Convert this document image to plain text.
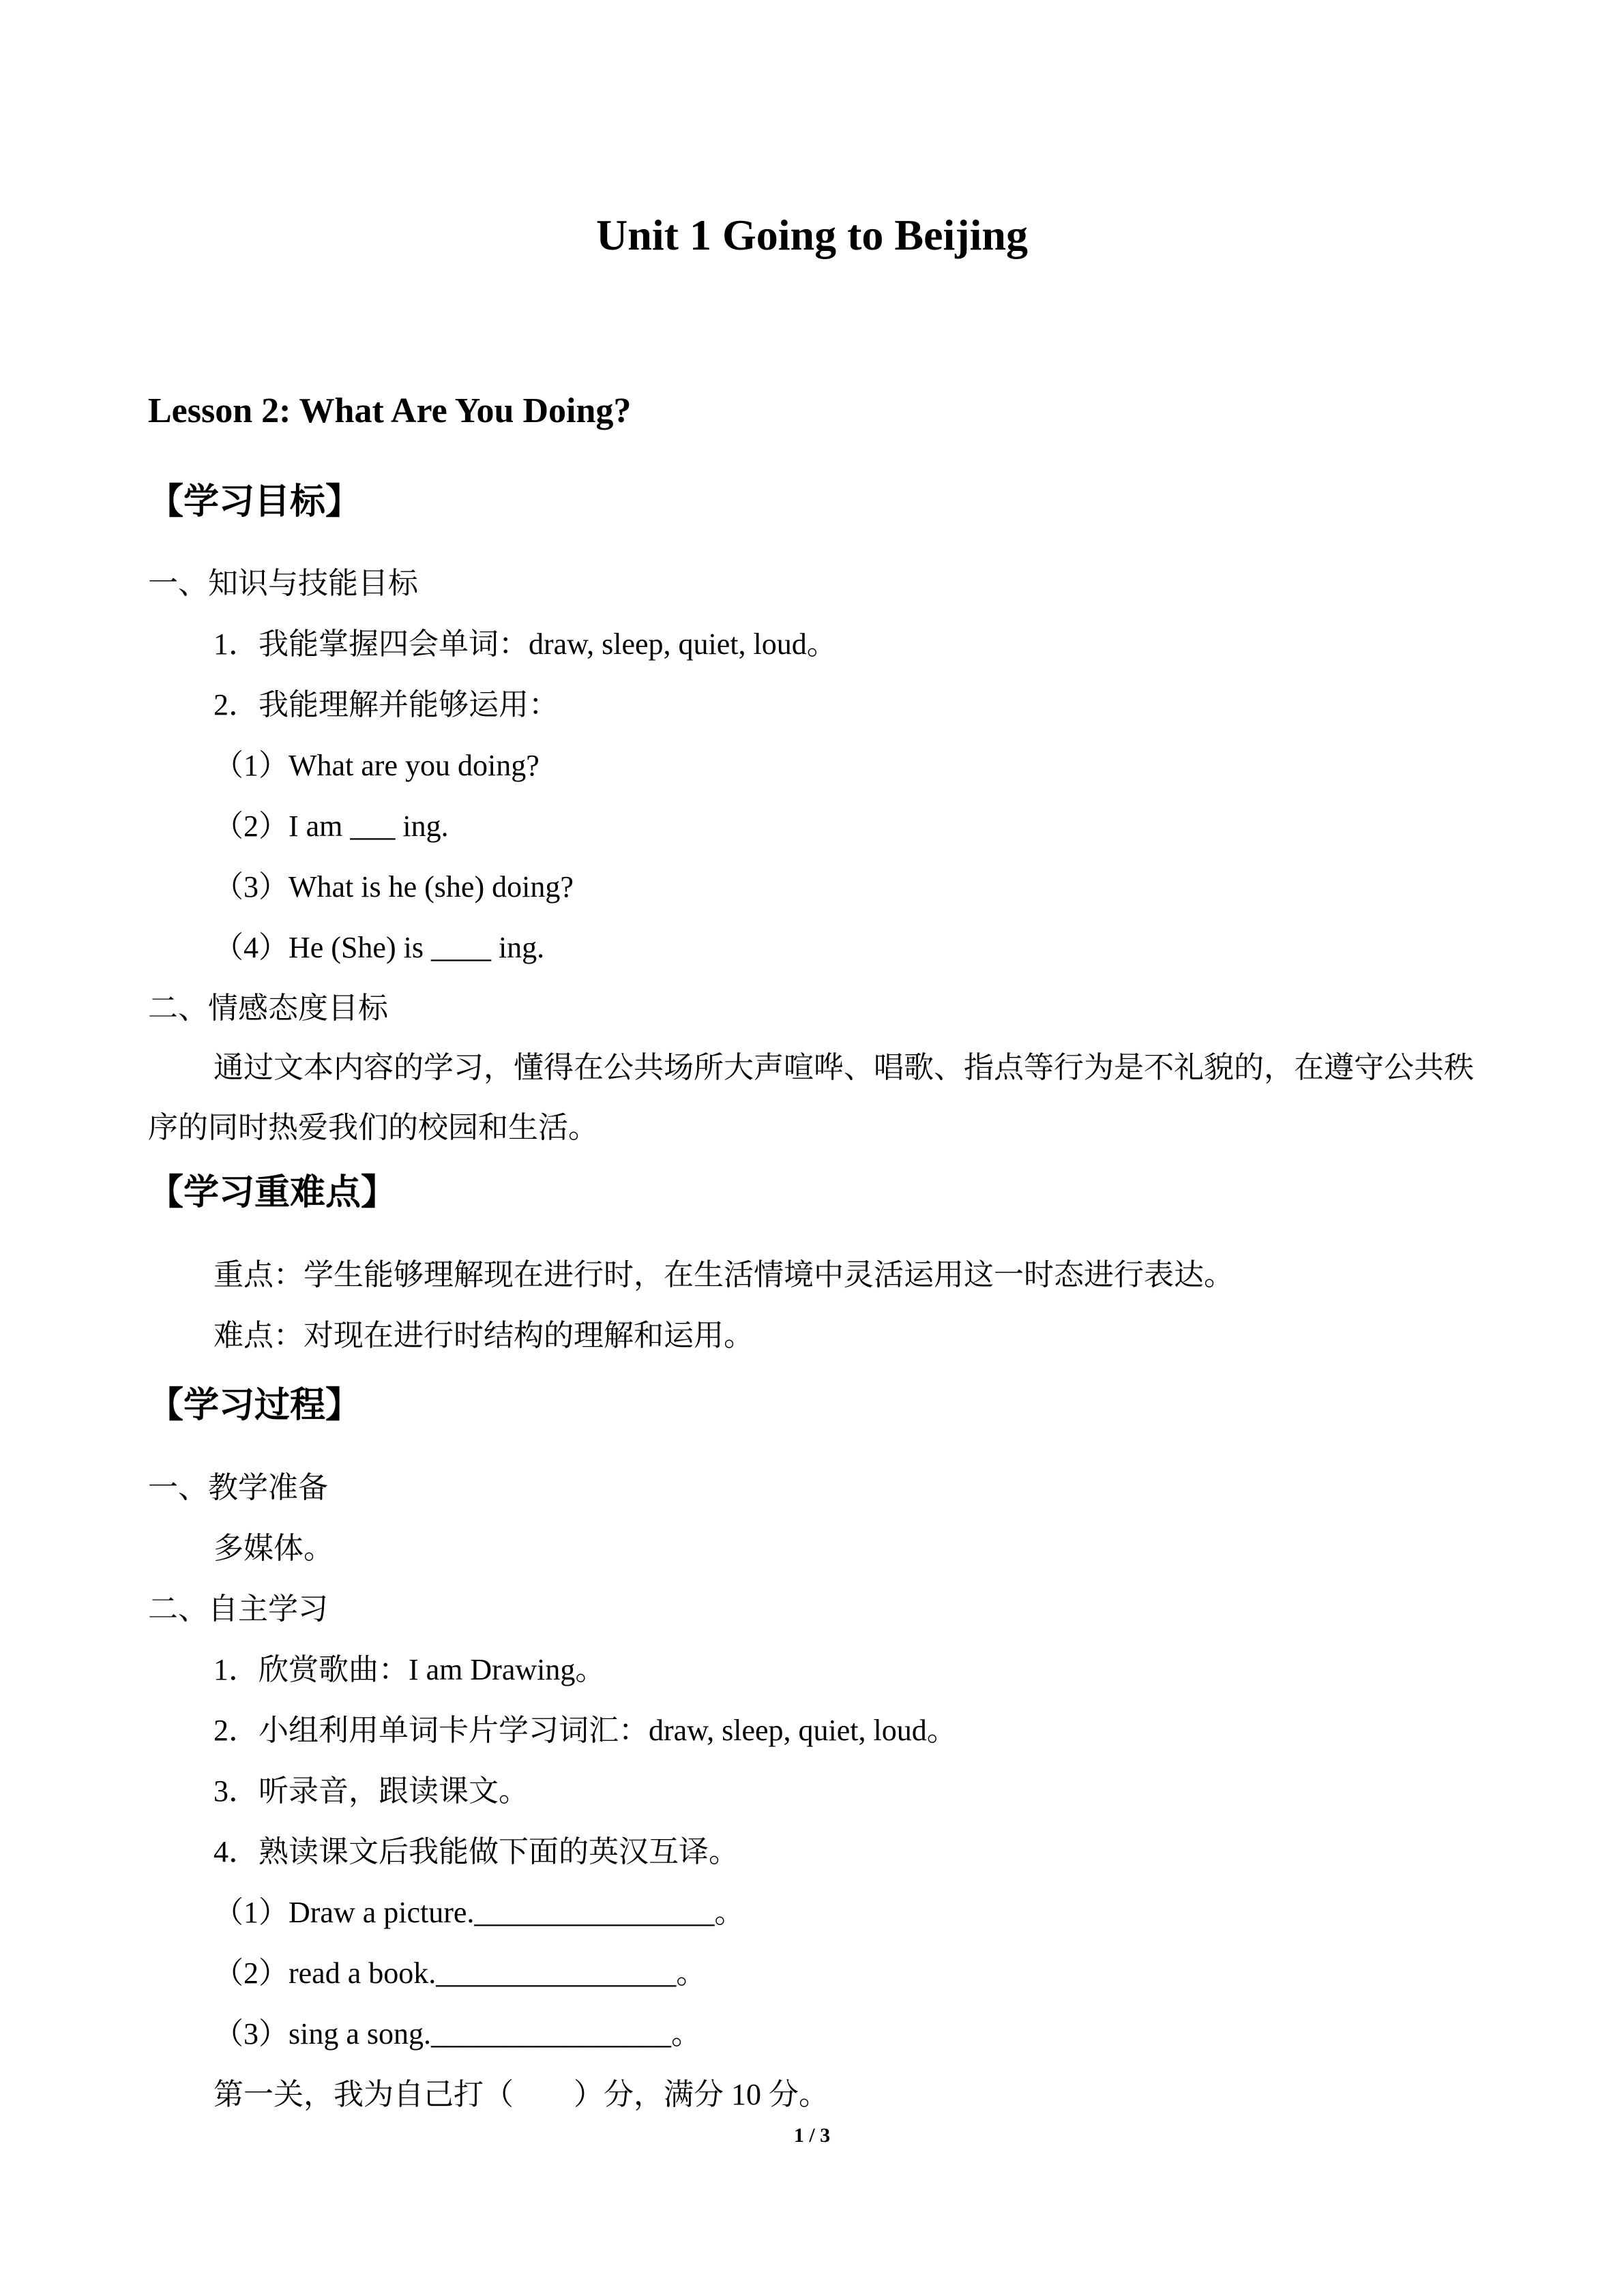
Unit 1 Going to Beijing
Lesson 2: What Are You Doing?
【学习目标】
一、知识与技能目标
1．我能掌握四会单词：draw, sleep, quiet, loud。
2．我能理解并能够运用：
（1）What are you doing?
（2）I am ___ ing.
（3）What is he (she) doing?
（4）He (She) is ____ ing.
二、情感态度目标
通过文本内容的学习，懂得在公共场所大声喧哗、唱歌、指点等行为是不礼貌的，在遵守公共秩序的同时热爱我们的校园和生活。
【学习重难点】
重点：学生能够理解现在进行时，在生活情境中灵活运用这一时态进行表达。
难点：对现在进行时结构的理解和运用。
【学习过程】
一、教学准备
多媒体。
二、自主学习
1．欣赏歌曲：I am Drawing。
2．小组利用单词卡片学习词汇：draw, sleep, quiet, loud。
3．听录音，跟读课文。
4．熟读课文后我能做下面的英汉互译。
（1）Draw a picture.________________。
（2）read a book.________________。
（3）sing a song.________________。
第一关，我为自己打（　　）分，满分 10 分。
1 / 3
